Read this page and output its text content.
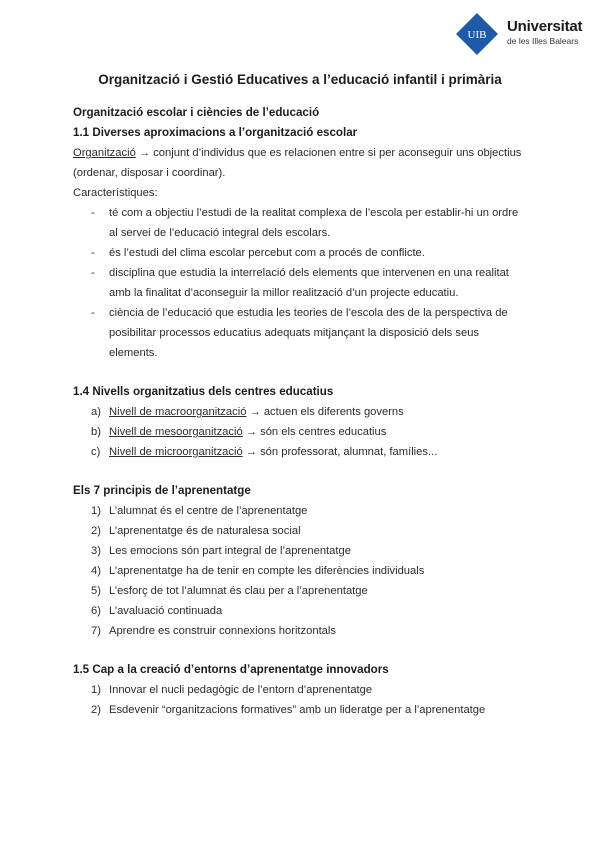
UIB Universitat
de les Illes Balears
Organització i Gestió Educatives a l’educació infantil i primària
Organització escolar i ciències de l’educació
1.1 Diverses aproximacions a l’organització escolar

Organització → conjunt d’individus que es relacionen entre si per aconseguir uns objectius (ordenar, disposar i coordinar).

Característiques:

- té com a objectiu l’estudi de la realitat complexa de l’escola per establir-hi un ordre al servei de l’educació integral dels escolars.
- és l’estudi del clima escolar percebut com a procés de conflicte.
- disciplina que estudia la interrelació dels elements que intervenen en una realitat amb la finalitat d’aconseguir la millor realització d’un projecte educatiu.
- ciència de l’educació que estudia les teories de l’escola des de la perspectiva de posibilitar processos educatius adequats mitjançant la disposició dels seus elements.
1.4 Nivells organitzatius dels centres educatius
a) Nivell de macroorganització → actuen els diferents governs
b) Nivell de mesoorganització → són els centres educatius
c) Nivell de microorganització → són professorat, alumnat, famílies...
Els 7 principis de l’aprenentatge
1) L’alumnat és el centre de l’aprenentatge
2) L’aprenentatge és de naturalesa social
3) Les emocions són part integral de l’aprenentatge
4) L’aprenentatge ha de tenir en compte les diferències individuals
5) L’esforç de tot l’alumnat és clau per a l’aprenentatge
6) L’avaluació continuada
7) Aprendre es construir connexions horitzontals
1.5 Cap a la creació d’entorns d’aprenentatge innovadors
1) Innovar el nucli pedagògic de l’entorn d’aprenentatge
2) Esdevenir “organitzacions formatives” amb un lideratge per a l’aprenentatge
